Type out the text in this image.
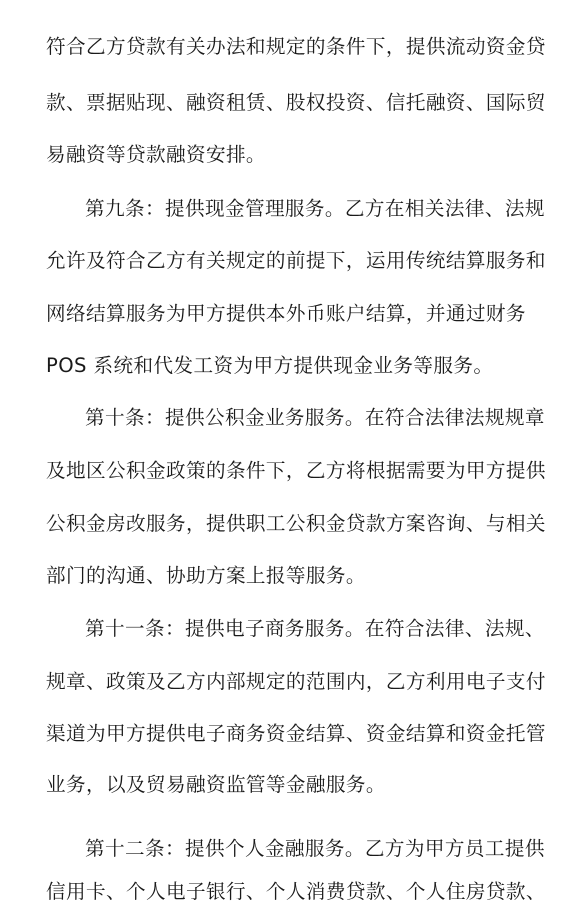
符合乙方贷款有关办法和规定的条件下，提供流动资金贷
款、票据贴现、融资租赁、股权投资、信托融资、国际贸
易融资等贷款融资安排。
第九条：提供现金管理服务。乙方在相关法律、法规
允许及符合乙方有关规定的前提下，运用传统结算服务和
网络结算服务为甲方提供本外币账户结算，并通过财务
POS 系统和代发工资为甲方提供现金业务等服务。
第十条：提供公积金业务服务。在符合法律法规规章
及地区公积金政策的条件下，乙方将根据需要为甲方提供
公积金房改服务，提供职工公积金贷款方案咨询、与相关
部门的沟通、协助方案上报等服务。
第十一条：提供电子商务服务。在符合法律、法规、
规章、政策及乙方内部规定的范围内，乙方利用电子支付
渠道为甲方提供电子商务资金结算、资金结算和资金托管
业务，以及贸易融资监管等金融服务。
第十二条：提供个人金融服务。乙方为甲方员工提供
信用卡、个人电子银行、个人消费贷款、个人住房贷款、
